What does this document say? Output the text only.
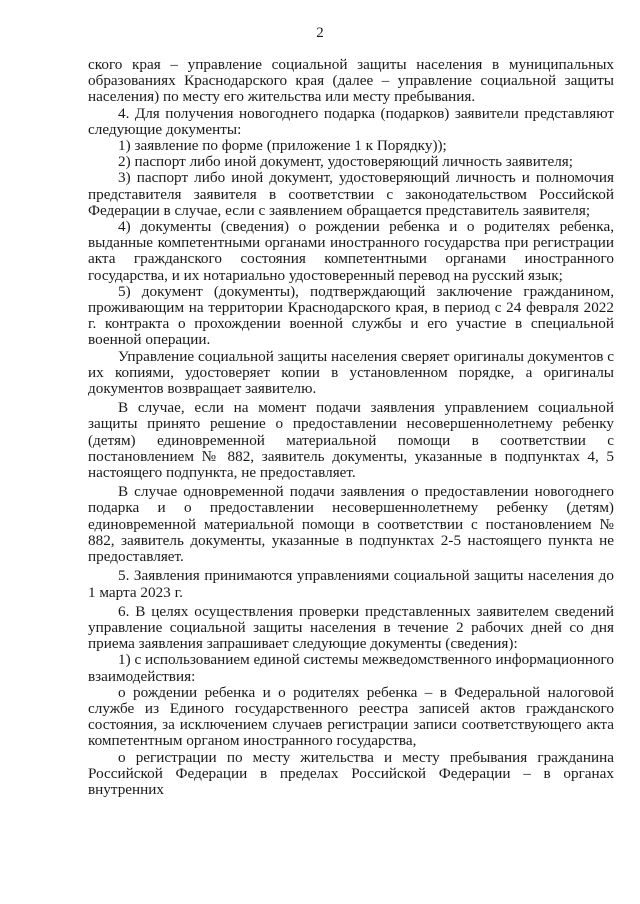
2

ского края – управление социальной защиты населения в муниципальных образованиях Краснодарского края (далее – управление социальной защиты населения) по месту его жительства или месту пребывания.

4. Для получения новогоднего подарка (подарков) заявители представляют следующие документы:

1) заявление по форме (приложение 1 к Порядку));

2) паспорт либо иной документ, удостоверяющий личность заявителя;

3) паспорт либо иной документ, удостоверяющий личность и полномочия представителя заявителя в соответствии с законодательством Российской Федерации в случае, если с заявлением обращается представитель заявителя;

4) документы (сведения) о рождении ребенка и о родителях ребенка, выданные компетентными органами иностранного государства при регистрации акта гражданского состояния компетентными органами иностранного государства, и их нотариально удостоверенный перевод на русский язык;

5) документ (документы), подтверждающий заключение гражданином, проживающим на территории Краснодарского края, в период с 24 февраля 2022 г. контракта о прохождении военной службы и его участие в специальной военной операции.

Управление социальной защиты населения сверяет оригиналы документов с их копиями, удостоверяет копии в установленном порядке, а оригиналы документов возвращает заявителю.

В случае, если на момент подачи заявления управлением социальной защиты принято решение о предоставлении несовершеннолетнему ребенку (детям) единовременной материальной помощи в соответствии с постановлением № 882, заявитель документы, указанные в подпунктах 4, 5 настоящего подпункта, не предоставляет.

В случае одновременной подачи заявления о предоставлении новогоднего подарка и о предоставлении несовершеннолетнему ребенку (детям) единовременной материальной помощи в соответствии с постановлением № 882, заявитель документы, указанные в подпунктах 2-5 настоящего пункта не предоставляет.

5. Заявления принимаются управлениями социальной защиты населения до 1 марта 2023 г.

6. В целях осуществления проверки представленных заявителем сведений управление социальной защиты населения в течение 2 рабочих дней со дня приема заявления запрашивает следующие документы (сведения):

1) с использованием единой системы межведомственного информационного взаимодействия:

о рождении ребенка и о родителях ребенка – в Федеральной налоговой службе из Единого государственного реестра записей актов гражданского состояния, за исключением случаев регистрации записи соответствующего акта компетентным органом иностранного государства,

о регистрации по месту жительства и месту пребывания гражданина Российской Федерации в пределах Российской Федерации – в органах внутренних
